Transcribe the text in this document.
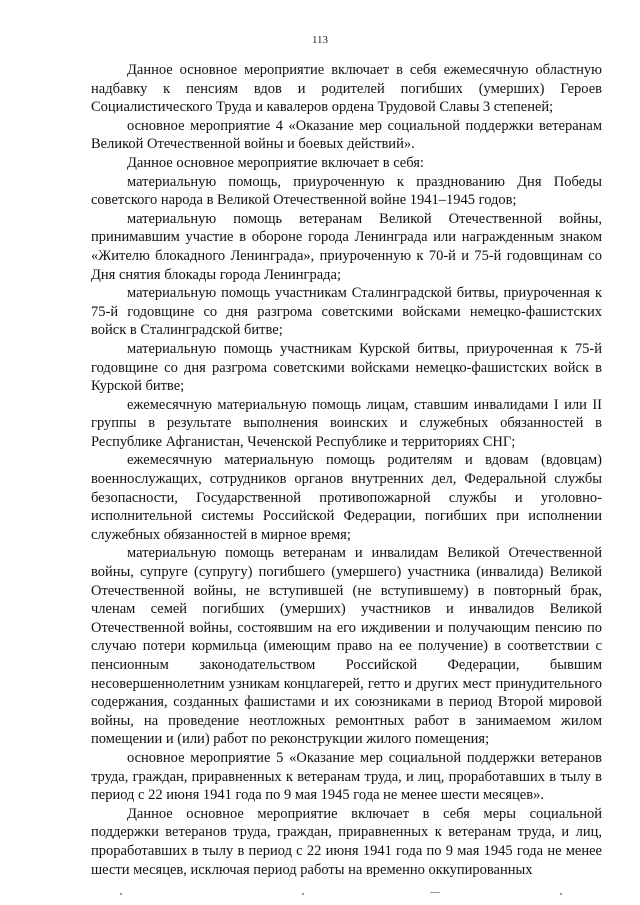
113

Данное основное мероприятие включает в себя ежемесячную областную надбавку к пенсиям вдов и родителей погибших (умерших) Героев Социалистического Труда и кавалеров ордена Трудовой Славы 3 степеней;

основное мероприятие 4 «Оказание мер социальной поддержки ветеранам Великой Отечественной войны и боевых действий».

Данное основное мероприятие включает в себя:

материальную помощь, приуроченную к празднованию Дня Победы советского народа в Великой Отечественной войне 1941–1945 годов;

материальную помощь ветеранам Великой Отечественной войны, принимавшим участие в обороне города Ленинграда или награжденным знаком «Жителю блокадного Ленинграда», приуроченную к 70-й и 75-й годовщинам со Дня снятия блокады города Ленинграда;

материальную помощь участникам Сталинградской битвы, приуроченная к 75-й годовщине со дня разгрома советскими войсками немецко-фашистских войск в Сталинградской битве;

материальную помощь участникам Курской битвы, приуроченная к 75-й годовщине со дня разгрома советскими войсками немецко-фашистских войск в Курской битве;

ежемесячную материальную помощь лицам, ставшим инвалидами I или II группы в результате выполнения воинских и служебных обязанностей в Республике Афганистан, Чеченской Республике и территориях СНГ;

ежемесячную материальную помощь родителям и вдовам (вдовцам) военнослужащих, сотрудников органов внутренних дел, Федеральной службы безопасности, Государственной противопожарной службы и уголовно-исполнительной системы Российской Федерации, погибших при исполнении служебных обязанностей в мирное время;

материальную помощь ветеранам и инвалидам Великой Отечественной войны, супруге (супругу) погибшего (умершего) участника (инвалида) Великой Отечественной войны, не вступившей (не вступившему) в повторный брак, членам семей погибших (умерших) участников и инвалидов Великой Отечественной войны, состоявшим на его иждивении и получающим пенсию по случаю потери кормильца (имеющим право на ее получение) в соответствии с пенсионным законодательством Российской Федерации, бывшим несовершеннолетним узникам концлагерей, гетто и других мест принудительного содержания, созданных фашистами и их союзниками в период Второй мировой войны, на проведение неотложных ремонтных работ в занимаемом жилом помещении и (или) работ по реконструкции жилого помещения;

основное мероприятие 5 «Оказание мер социальной поддержки ветеранов труда, граждан, приравненных к ветеранам труда, и лиц, проработавших в тылу в период с 22 июня 1941 года по 9 мая 1945 года не менее шести месяцев».

Данное основное мероприятие включает в себя меры социальной поддержки ветеранов труда, граждан, приравненных к ветеранам труда, и лиц, проработавших в тылу в период с 22 июня 1941 года по 9 мая 1945 года не менее шести месяцев, исключая период работы на временно оккупированных
